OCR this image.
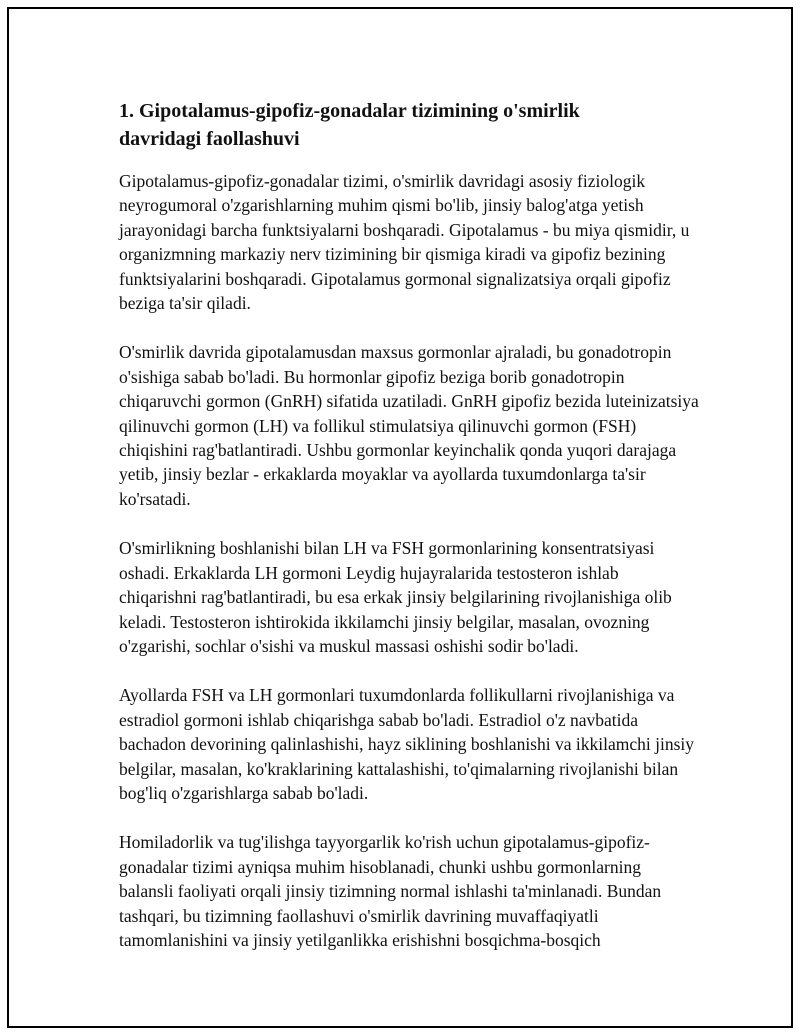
1. Gipotalamus-gipofiz-gonadalar tizimining o'smirlik davridagi faollashuvi

Gipotalamus-gipofiz-gonadalar tizimi, o'smirlik davridagi asosiy fiziologik neyrogumoral o'zgarishlarning muhim qismi bo'lib, jinsiy balog'atga yetish jarayonidagi barcha funktsiyalarni boshqaradi. Gipotalamus - bu miya qismidir, u organizmning markaziy nerv tizimining bir qismiga kiradi va gipofiz bezining funktsiyalarini boshqaradi. Gipotalamus gormonal signalizatsiya orqali gipofiz beziga ta'sir qiladi.

O'smirlik davrida gipotalamusdan maxsus gormonlar ajraladi, bu gonadotropin o'sishiga sabab bo'ladi. Bu hormonlar gipofiz beziga borib gonadotropin chiqaruvchi gormon (GnRH) sifatida uzatiladi. GnRH gipofiz bezida luteinizatsiya qilinuvchi gormon (LH) va follikul stimulatsiya qilinuvchi gormon (FSH) chiqishini rag'batlantiradi. Ushbu gormonlar keyinchalik qonda yuqori darajaga yetib, jinsiy bezlar - erkaklarda moyaklar va ayollarda tuxumdonlarga ta'sir ko'rsatadi.

O'smirlikning boshlanishi bilan LH va FSH gormonlarining konsentratsiyasi oshadi. Erkaklarda LH gormoni Leydig hujayralarida testosteron ishlab chiqarishni rag'batlantiradi, bu esa erkak jinsiy belgilarining rivojlanishiga olib keladi. Testosteron ishtirokida ikkilamchi jinsiy belgilar, masalan, ovozning o'zgarishi, sochlar o'sishi va muskul massasi oshishi sodir bo'ladi.

Ayollarda FSH va LH gormonlari tuxumdonlarda follikullarni rivojlanishiga va estradiol gormoni ishlab chiqarishga sabab bo'ladi. Estradiol o'z navbatida bachadon devorining qalinlashishi, hayz siklining boshlanishi va ikkilamchi jinsiy belgilar, masalan, ko'kraklarining kattalashishi, to'qimalarning rivojlanishi bilan bog'liq o'zgarishlarga sabab bo'ladi.

Homiladorlik va tug'ilishga tayyorgarlik ko'rish uchun gipotalamus-gipofiz-gonadalar tizimi ayniqsa muhim hisoblanadi, chunki ushbu gormonlarning balansli faoliyati orqali jinsiy tizimning normal ishlashi ta'minlanadi. Bundan tashqari, bu tizimning faollashuvi o'smirlik davrining muvaffaqiyatli tamomlanishini va jinsiy yetilganlikka erishishni bosqichma-bosqich
